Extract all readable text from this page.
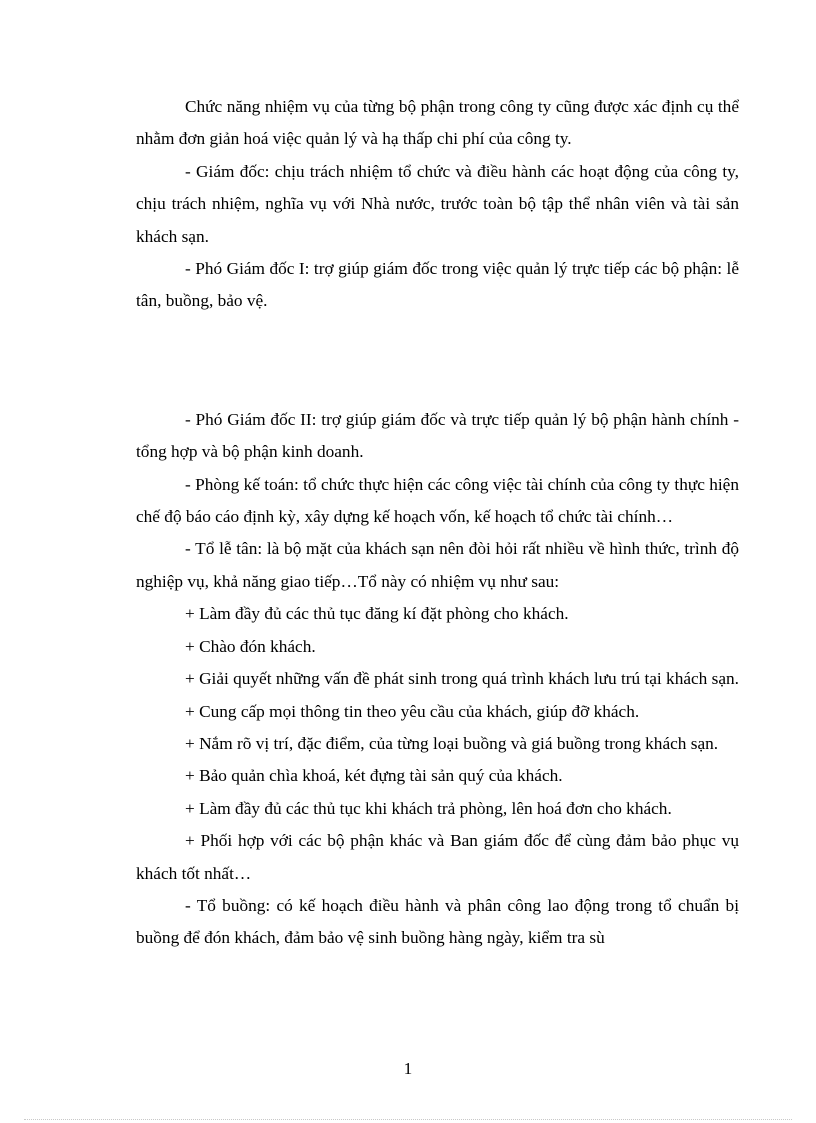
Chức năng nhiệm vụ của từng bộ phận trong công ty cũng được xác định cụ thể nhằm đơn giản hoá việc quản lý và hạ thấp chi phí của công ty.

- Giám đốc: chịu trách nhiệm tổ chức và điều hành các hoạt động của công ty, chịu trách nhiệm, nghĩa vụ với Nhà nước, trước toàn bộ tập thể nhân viên và tài sản khách sạn.

- Phó Giám đốc I: trợ giúp giám đốc trong việc quản lý trực tiếp các bộ phận: lễ tân, buồng, bảo vệ.

- Phó Giám đốc II: trợ giúp giám đốc và trực tiếp quản lý bộ phận hành chính - tổng hợp và bộ phận kinh doanh.

- Phòng kế toán: tổ chức thực hiện các công việc tài chính của công ty thực hiện chế độ báo cáo định kỳ, xây dựng kế hoạch vốn, kế hoạch tổ chức tài chính…

- Tổ lễ tân: là bộ mặt của khách sạn nên đòi hỏi rất nhiều về hình thức, trình độ nghiệp vụ, khả năng giao tiếp…Tổ này có nhiệm vụ như sau:

+ Làm đầy đủ các thủ tục đăng kí đặt phòng cho khách.

+ Chào đón khách.

+ Giải quyết những vấn đề phát sinh trong quá trình khách lưu trú tại khách sạn.

+ Cung cấp mọi thông tin theo yêu cầu của khách, giúp đỡ khách.

+ Nắm rõ vị trí, đặc điểm, của từng loại buồng và giá buồng trong khách sạn.

+ Bảo quản chìa khoá, két đựng tài sản quý của khách.

+ Làm đầy đủ các thủ tục khi khách trả phòng, lên hoá đơn cho khách.

+ Phối hợp với các bộ phận khác và Ban giám đốc để cùng đảm bảo phục vụ khách tốt nhất…

- Tổ buồng: có kế hoạch điều hành và phân công lao động trong tổ chuẩn bị buồng để đón khách, đảm bảo vệ sinh buồng hàng ngày, kiểm tra sù

1
